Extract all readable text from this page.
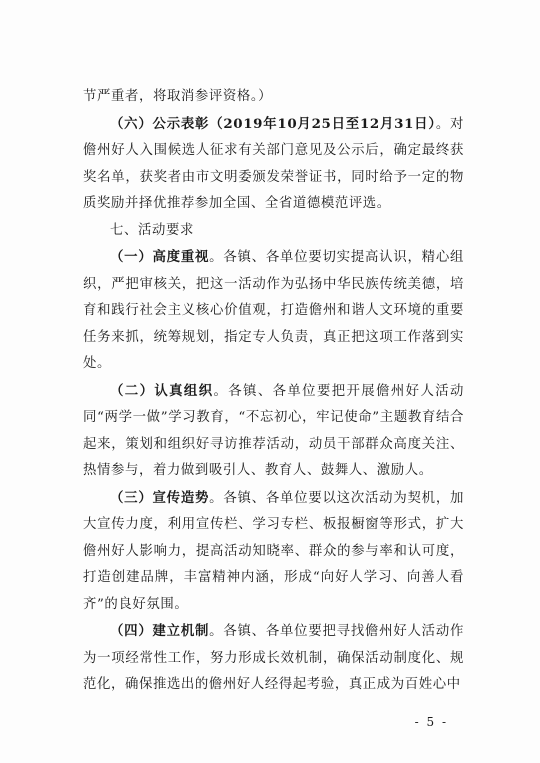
节严重者，将取消参评资格。）

（六）公示表彰（2019年10月25日至12月31日）。对儋州好人入围候选人征求有关部门意见及公示后，确定最终获奖名单，获奖者由市文明委颁发荣誉证书，同时给予一定的物质奖励并择优推荐参加全国、全省道德模范评选。

七、活动要求

（一）高度重视。各镇、各单位要切实提高认识，精心组织，严把审核关，把这一活动作为弘扬中华民族传统美德，培育和践行社会主义核心价值观，打造儋州和谐人文环境的重要任务来抓，统筹规划，指定专人负责，真正把这项工作落到实处。

（二）认真组织。各镇、各单位要把开展儋州好人活动同“两学一做”学习教育，“不忘初心，牢记使命”主题教育结合起来，策划和组织好寻访推荐活动，动员干部群众高度关注、热情参与，着力做到吸引人、教育人、鼓舞人、激励人。

（三）宣传造势。各镇、各单位要以这次活动为契机，加大宣传力度，利用宣传栏、学习专栏、板报橱窗等形式，扩大儋州好人影响力，提高活动知晓率、群众的参与率和认可度，打造创建品牌，丰富精神内涵，形成“向好人学习、向善人看齐”的良好氛围。

（四）建立机制。各镇、各单位要把寻找儋州好人活动作为一项经常性工作，努力形成长效机制，确保活动制度化、规范化，确保推选出的儋州好人经得起考验，真正成为百姓心中

- 5 -
